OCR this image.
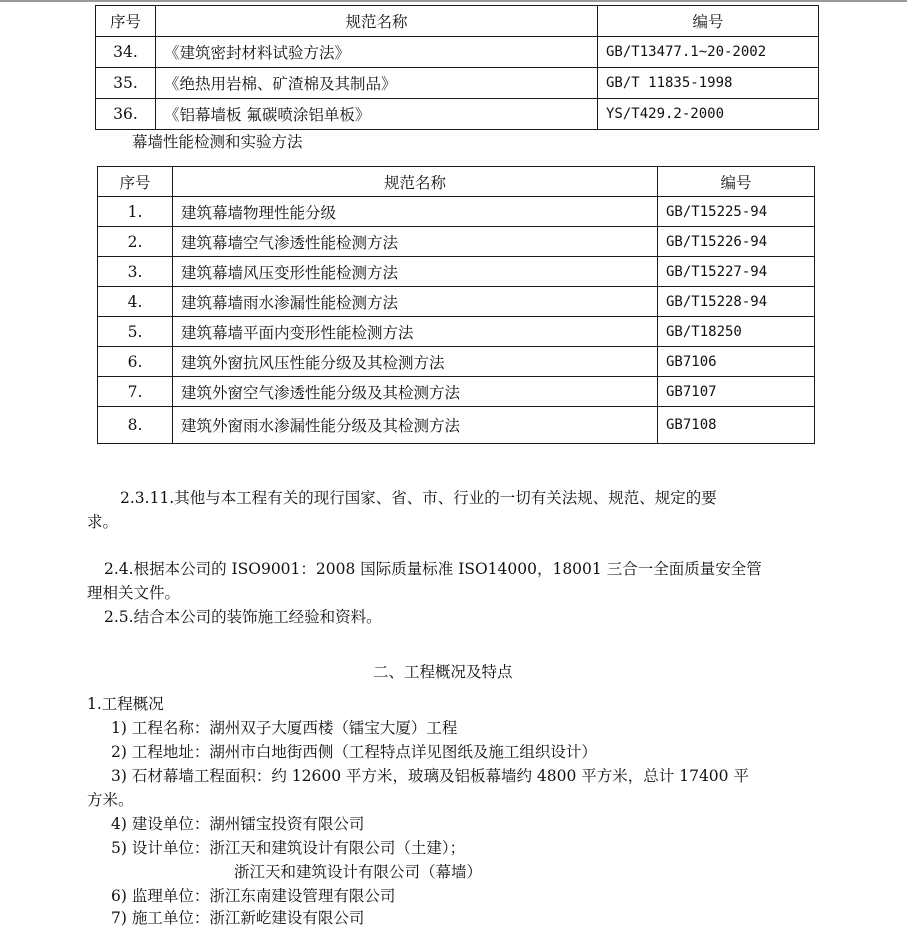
序号	规范名称	编号
34.	《建筑密封材料试验方法》	GB/T13477.1~20-2002
35.	《绝热用岩棉、矿渣棉及其制品》	GB/T 11835-1998
36.	《铝幕墙板 氟碳喷涂铝单板》	YS/T429.2-2000
幕墙性能检测和实验方法
序号	规范名称	编号
1.	建筑幕墙物理性能分级	GB/T15225-94
2.	建筑幕墙空气渗透性能检测方法	GB/T15226-94
3.	建筑幕墙风压变形性能检测方法	GB/T15227-94
4.	建筑幕墙雨水渗漏性能检测方法	GB/T15228-94
5.	建筑幕墙平面内变形性能检测方法	GB/T18250
6.	建筑外窗抗风压性能分级及其检测方法	GB7106
7.	建筑外窗空气渗透性能分级及其检测方法	GB7107
8.	建筑外窗雨水渗漏性能分级及其检测方法	GB7108
2.3.11.其他与本工程有关的现行国家、省、市、行业的一切有关法规、规范、规定的要
求。
2.4.根据本公司的 ISO9001：2008 国际质量标准 ISO14000，18001 三合一全面质量安全管
理相关文件。
2.5.结合本公司的装饰施工经验和资料。
二、工程概况及特点
1.工程概况
1) 工程名称：湖州双子大厦西楼（镭宝大厦）工程
2) 工程地址：湖州市白地街西侧（工程特点详见图纸及施工组织设计）
3) 石材幕墙工程面积：约 12600 平方米，玻璃及铝板幕墙约 4800 平方米，总计 17400 平
方米。
4) 建设单位：湖州镭宝投资有限公司
5) 设计单位：浙江天和建筑设计有限公司（土建）；
浙江天和建筑设计有限公司（幕墙）
6) 监理单位：浙江东南建设管理有限公司
7) 施工单位：浙江新屹建设有限公司
